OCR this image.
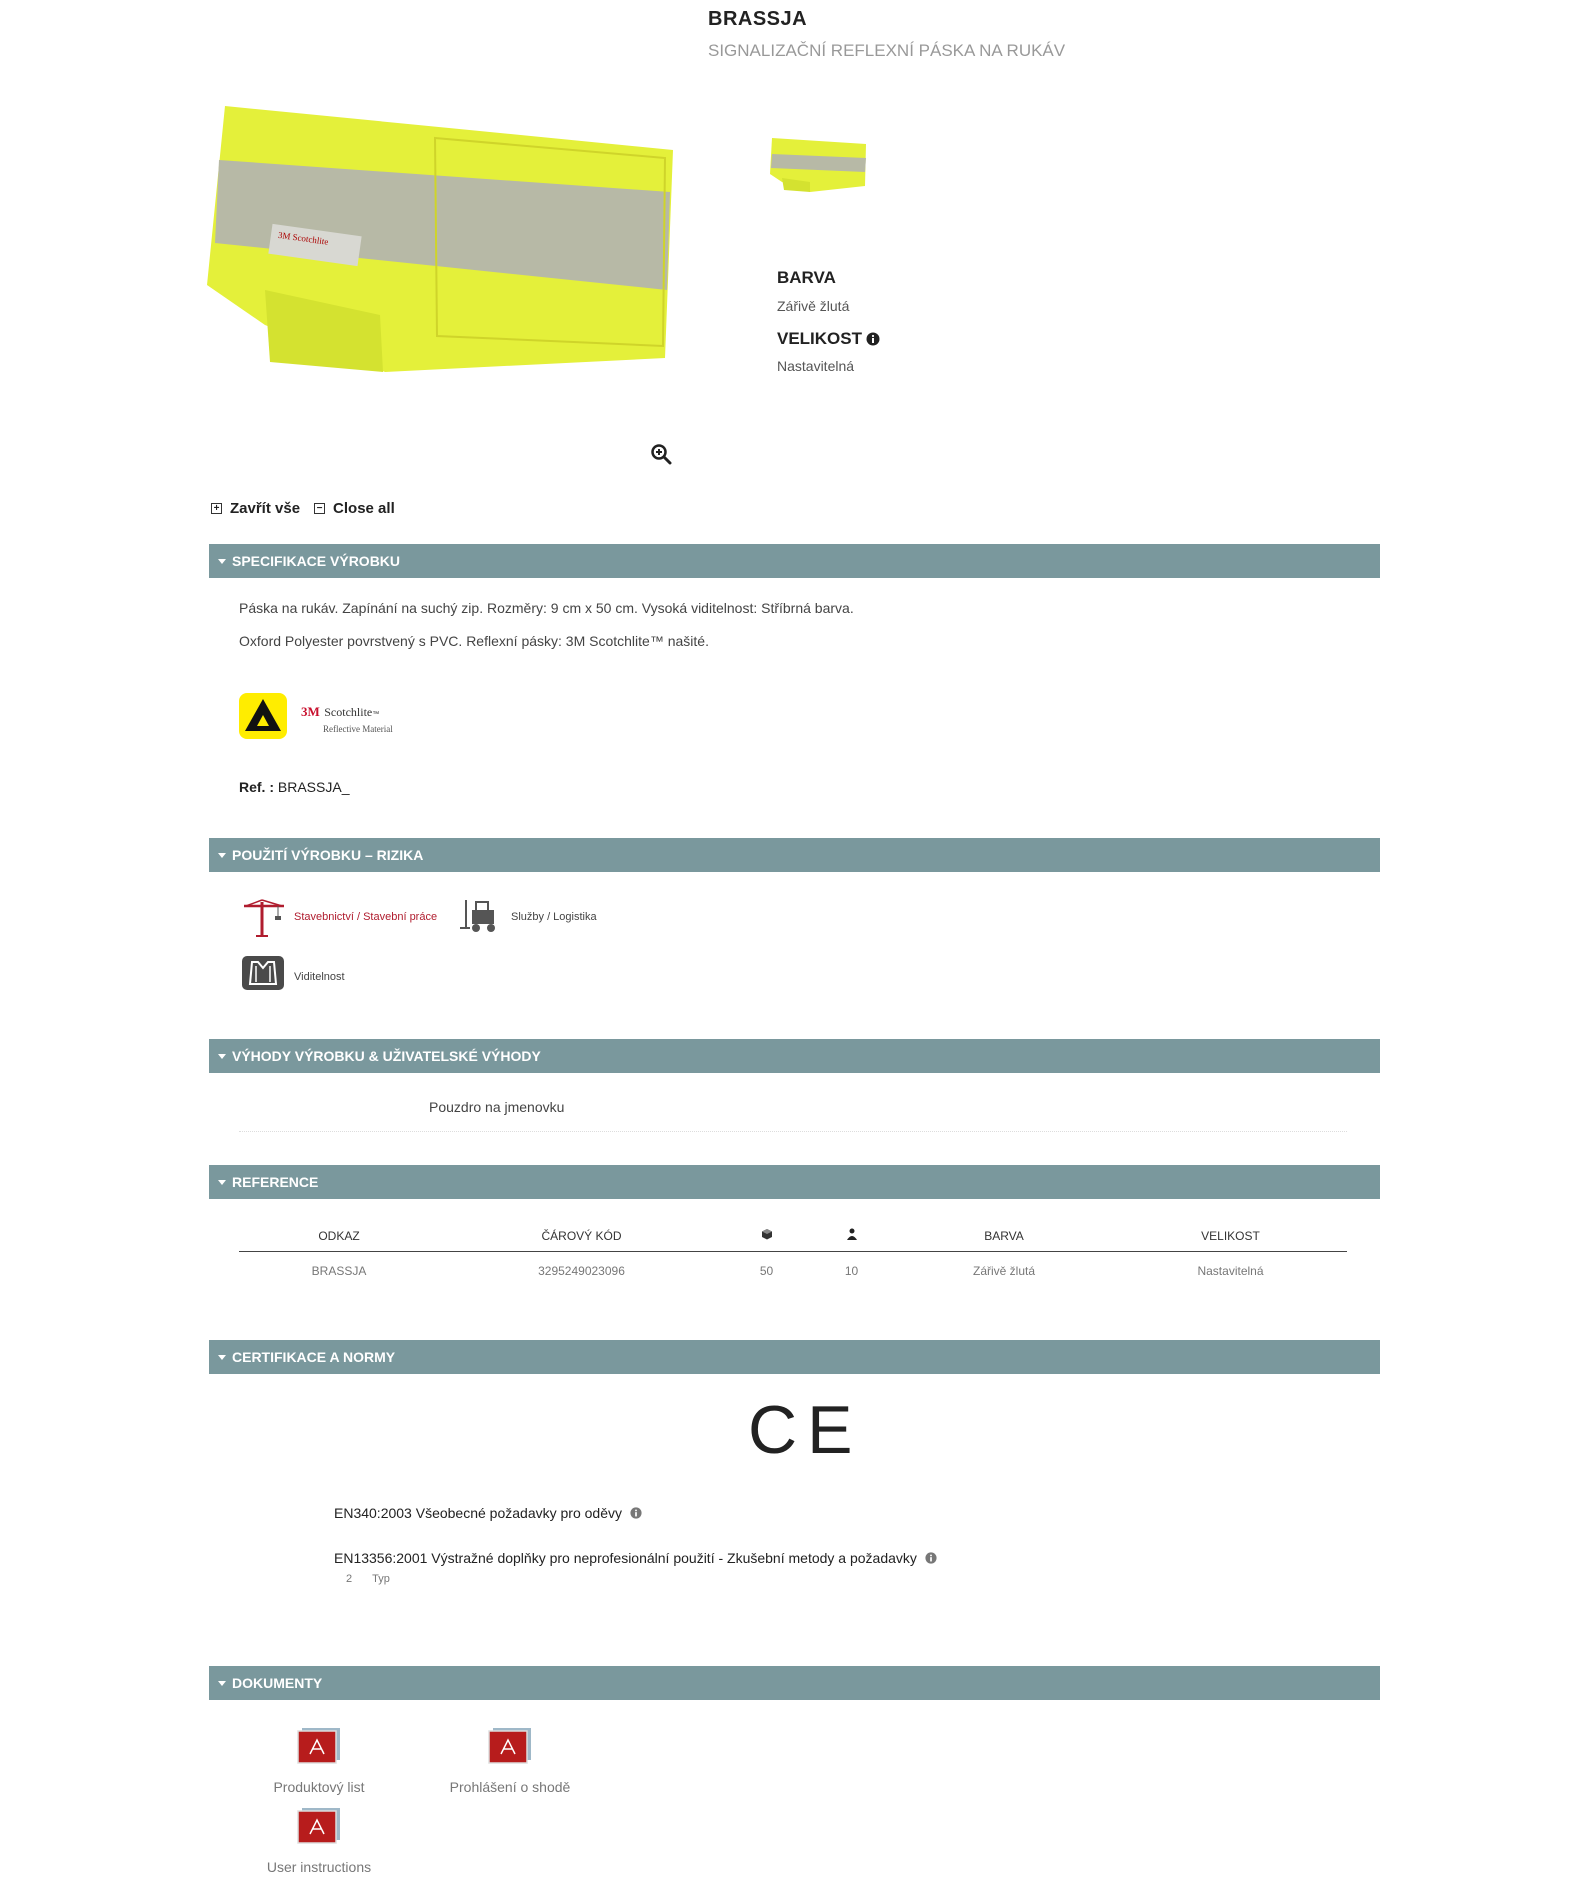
BRASSJA
SIGNALIZAČNÍ REFLEXNÍ PÁSKA NA RUKÁV
3M Scotchlite
BARVA
Zářivě žlutá
VELIKOST
Nastavitelná
+ Zavřít vše − Close all
SPECIFIKACE VÝROBKU
Páska na rukáv. Zapínání na suchý zip. Rozměry: 9 cm x 50 cm. Vysoká viditelnost: Stříbrná barva.
Oxford Polyester povrstvený s PVC. Reflexní pásky: 3M Scotchlite™ našité.
3M Scotchlite™
Reflective Material
Ref. : BRASSJA_
POUŽITÍ VÝROBKU – RIZIKA
Stavebnictví / Stavební práce	Služby / Logistika
Viditelnost
VÝHODY VÝROBKU & UŽIVATELSKÉ VÝHODY
Pouzdro na jmenovku
REFERENCE
ODKAZ	ČÁROVÝ KÓD			BARVA	VELIKOST
BRASSJA	3295249023096	50	10	Zářivě žlutá	Nastavitelná
CERTIFIKACE A NORMY
CE
EN340:2003 Všeobecné požadavky pro oděvy
EN13356:2001 Výstražné doplňky pro neprofesionální použití - Zkušební metody a požadavky
2 Typ
DOKUMENTY
Produktový list	Prohlášení o shodě
User instructions
